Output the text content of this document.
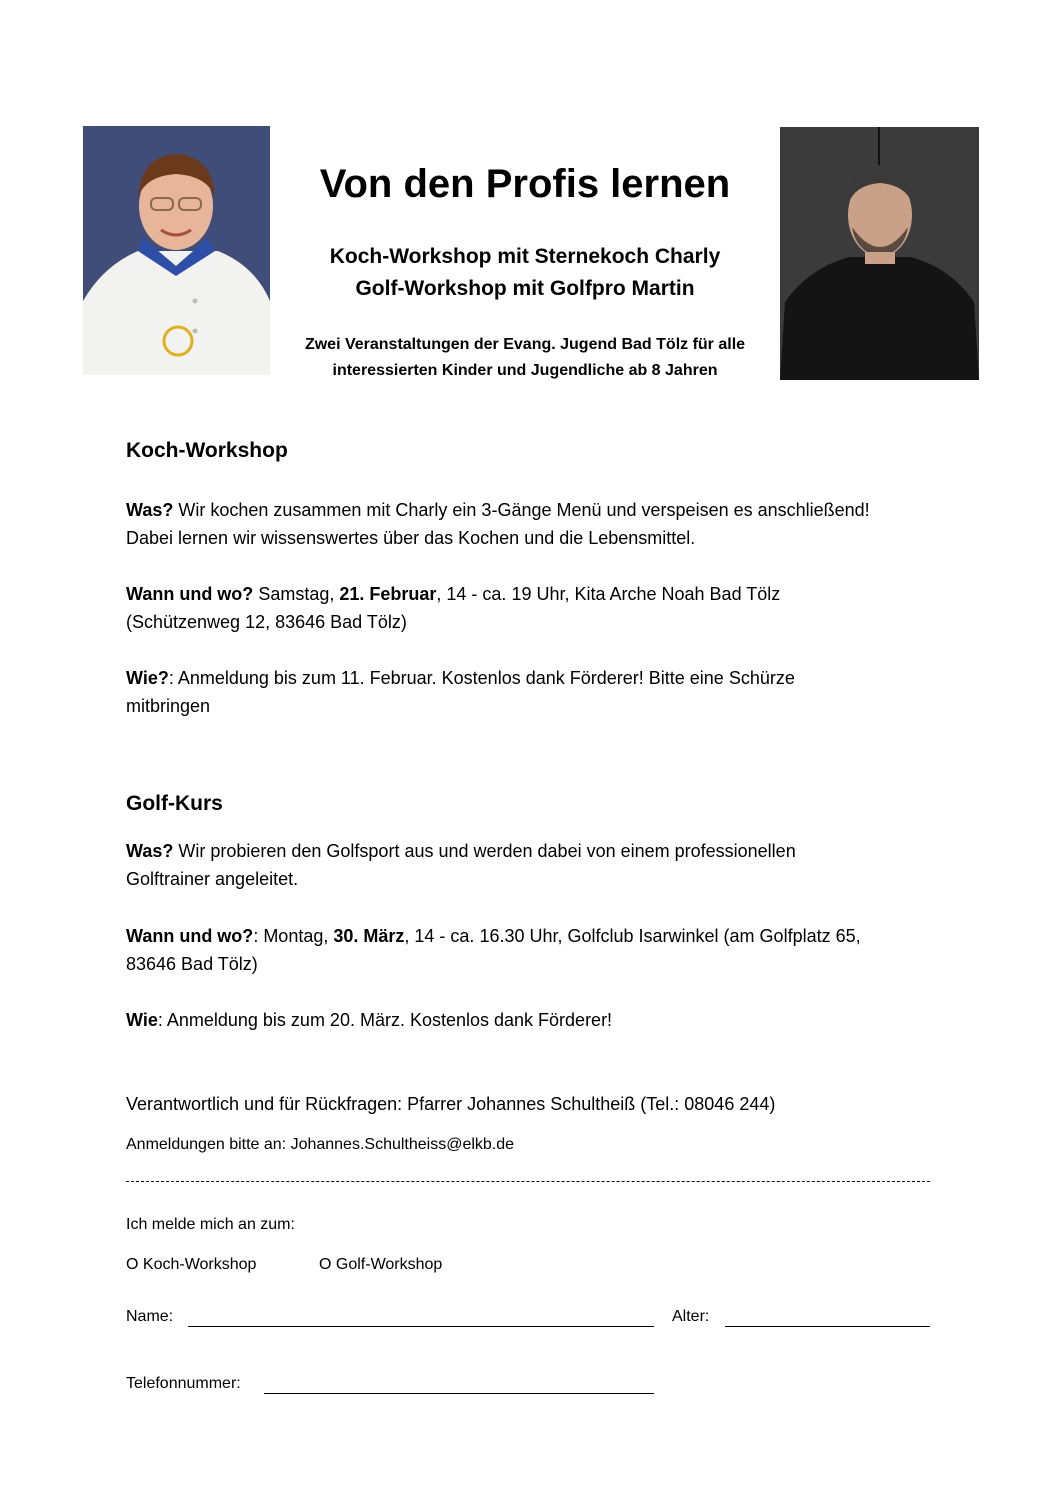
Von den Profis lernen
Koch-Workshop mit Sternekoch Charly
Golf-Workshop mit Golfpro Martin
Zwei Veranstaltungen der Evang. Jugend Bad Tölz für alle
interessierten Kinder und Jugendliche ab 8 Jahren
Koch-Workshop
Was? Wir kochen zusammen mit Charly ein 3-Gänge Menü und verspeisen es anschließend!
Dabei lernen wir wissenswertes über das Kochen und die Lebensmittel.
Wann und wo? Samstag, 21. Februar, 14 - ca. 19 Uhr, Kita Arche Noah Bad Tölz
(Schützenweg 12, 83646 Bad Tölz)
Wie?: Anmeldung bis zum 11. Februar. Kostenlos dank Förderer! Bitte eine Schürze
mitbringen
Golf-Kurs
Was? Wir probieren den Golfsport aus und werden dabei von einem professionellen
Golftrainer angeleitet.
Wann und wo?: Montag, 30. März, 14 - ca. 16.30 Uhr, Golfclub Isarwinkel (am Golfplatz 65,
83646 Bad Tölz)
Wie: Anmeldung bis zum 20. März. Kostenlos dank Förderer!
Verantwortlich und für Rückfragen: Pfarrer Johannes Schultheiß (Tel.: 08046 244)
Anmeldungen bitte an: Johannes.Schultheiss@elkb.de
Ich melde mich an zum:
O Koch-Workshop	O Golf-Workshop
Name:	Alter:
Telefonnummer:
